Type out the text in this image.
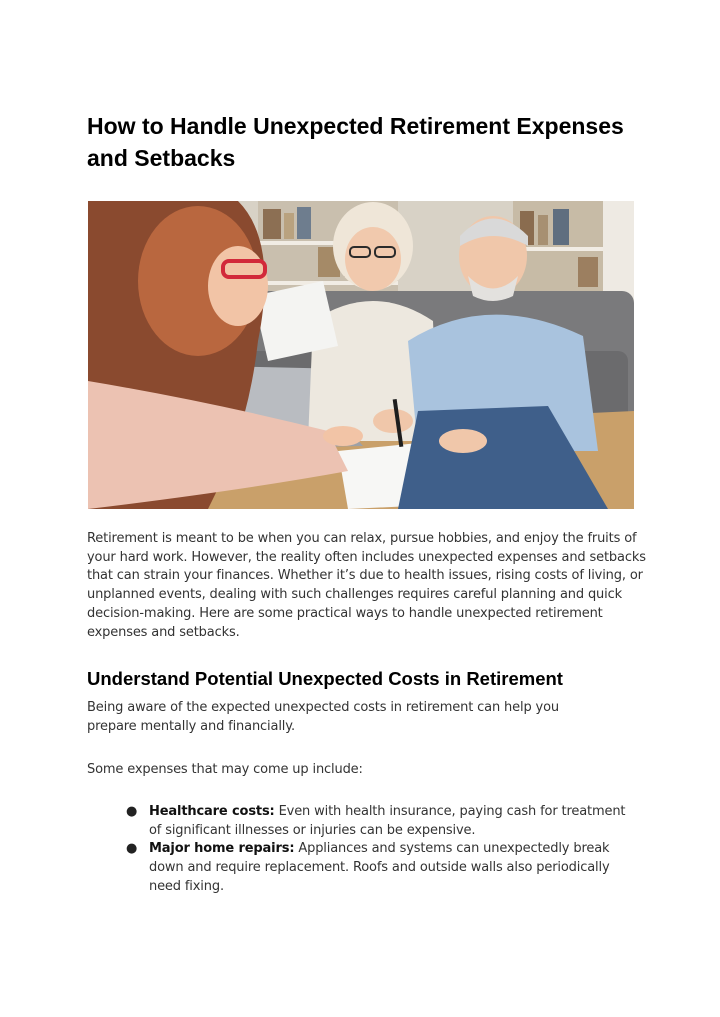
How to Handle Unexpected Retirement Expenses and Setbacks

Retirement is meant to be when you can relax, pursue hobbies, and enjoy the fruits of your hard work. However, the reality often includes unexpected expenses and setbacks that can strain your finances. Whether it’s due to health issues, rising costs of living, or unplanned events, dealing with such challenges requires careful planning and quick decision-making. Here are some practical ways to handle unexpected retirement expenses and setbacks.

Understand Potential Unexpected Costs in Retirement

Being aware of the expected unexpected costs in retirement can help you prepare mentally and financially.

Some expenses that may come up include:

● Healthcare costs: Even with health insurance, paying cash for treatment of significant illnesses or injuries can be expensive.
● Major home repairs: Appliances and systems can unexpectedly break down and require replacement. Roofs and outside walls also periodically need fixing.
